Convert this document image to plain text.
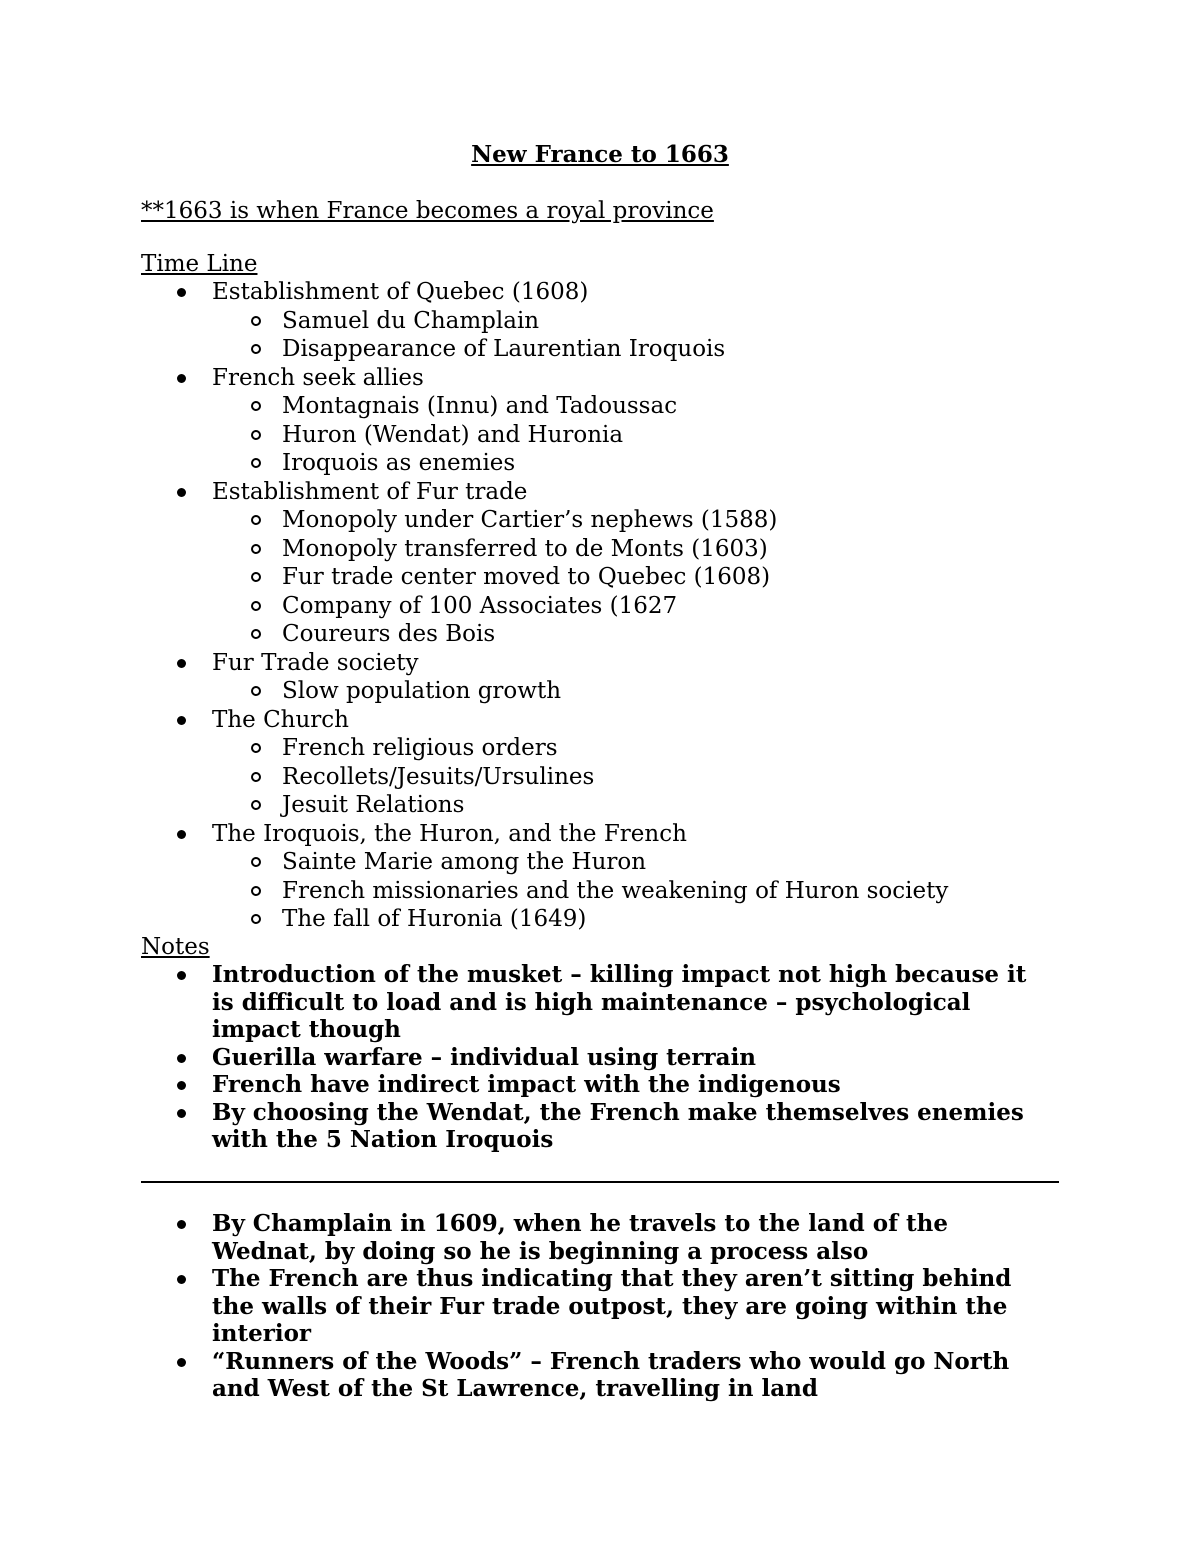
New France to 1663
**1663 is when France becomes a royal province
Time Line
Establishment of Quebec (1608)
Samuel du Champlain
Disappearance of Laurentian Iroquois
French seek allies
Montagnais (Innu) and Tadoussac
Huron (Wendat) and Huronia
Iroquois as enemies
Establishment of Fur trade
Monopoly under Cartier’s nephews (1588)
Monopoly transferred to de Monts (1603)
Fur trade center moved to Quebec (1608)
Company of 100 Associates (1627
Coureurs des Bois
Fur Trade society
Slow population growth
The Church
French religious orders
Recollets/Jesuits/Ursulines
Jesuit Relations
The Iroquois, the Huron, and the French
Sainte Marie among the Huron
French missionaries and the weakening of Huron society
The fall of Huronia (1649)
Notes
Introduction of the musket – killing impact not high because it is difficult to load and is high maintenance – psychological impact though
Guerilla warfare – individual using terrain
French have indirect impact with the indigenous
By choosing the Wendat, the French make themselves enemies with the 5 Nation Iroquois
By Champlain in 1609, when he travels to the land of the Wednat, by doing so he is beginning a process also
The French are thus indicating that they aren’t sitting behind the walls of their Fur trade outpost, they are going within the interior
“Runners of the Woods” – French traders who would go North and West of the St Lawrence, travelling in land
